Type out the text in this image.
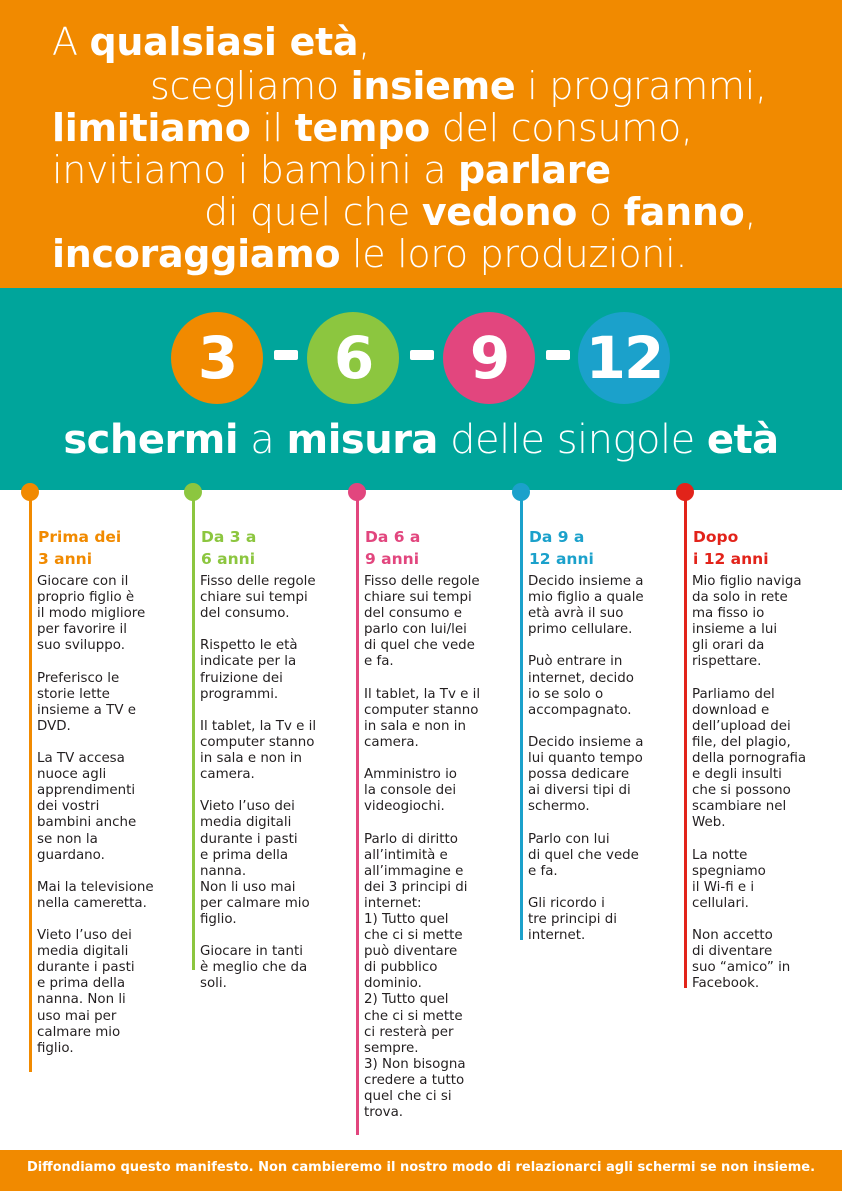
A qualsiasi età,
scegliamo insieme i programmi,
limitiamo il tempo del consumo,
invitiamo i bambini a parlare
di quel che vedono o fanno,
incoraggiamo le loro produzioni.
3	6	9	12
schermi a misura delle singole età
Prima dei
3 anni
Giocare con il
proprio figlio è
il modo migliore
per favorire il
suo sviluppo.

Preferisco le
storie lette
insieme a TV e
DVD.

La TV accesa
nuoce agli
apprendimenti
dei vostri
bambini anche
se non la
guardano.

Mai la televisione
nella cameretta.

Vieto l’uso dei
media digitali
durante i pasti
e prima della
nanna. Non li
uso mai per
calmare mio
figlio.
Da 3 a
6 anni
Fisso delle regole
chiare sui tempi
del consumo.

Rispetto le età
indicate per la
fruizione dei
programmi.

Il tablet, la Tv e il
computer stanno
in sala e non in
camera.

Vieto l’uso dei
media digitali
durante i pasti
e prima della
nanna.
Non li uso mai
per calmare mio
figlio.

Giocare in tanti
è meglio che da
soli.
Da 6 a
9 anni
Fisso delle regole
chiare sui tempi
del consumo e
parlo con lui/lei
di quel che vede
e fa.

Il tablet, la Tv e il
computer stanno
in sala e non in
camera.

Amministro io
la console dei
videogiochi.

Parlo di diritto
all’intimità e
all’immagine e
dei 3 principi di
internet:
1) Tutto quel
che ci si mette
può diventare
di pubblico
dominio.
2) Tutto quel
che ci si mette
ci resterà per
sempre.
3) Non bisogna
credere a tutto
quel che ci si
trova.
Da 9 a
12 anni
Decido insieme a
mio figlio a quale
età avrà il suo
primo cellulare.

Può entrare in
internet, decido
io se solo o
accompagnato.

Decido insieme a
lui quanto tempo
possa dedicare
ai diversi tipi di
schermo.

Parlo con lui
di quel che vede
e fa.

Gli ricordo i
tre principi di
internet.
Dopo
i 12 anni
Mio figlio naviga
da solo in rete
ma fisso io
insieme a lui
gli orari da
rispettare.

Parliamo del
download e
dell’upload dei
file, del plagio,
della pornografia
e degli insulti
che si possono
scambiare nel
Web.

La notte
spegniamo
il Wi-fi e i
cellulari.

Non accetto
di diventare
suo “amico” in
Facebook.
Diffondiamo questo manifesto. Non cambieremo il nostro modo di relazionarci agli schermi se non insieme.
